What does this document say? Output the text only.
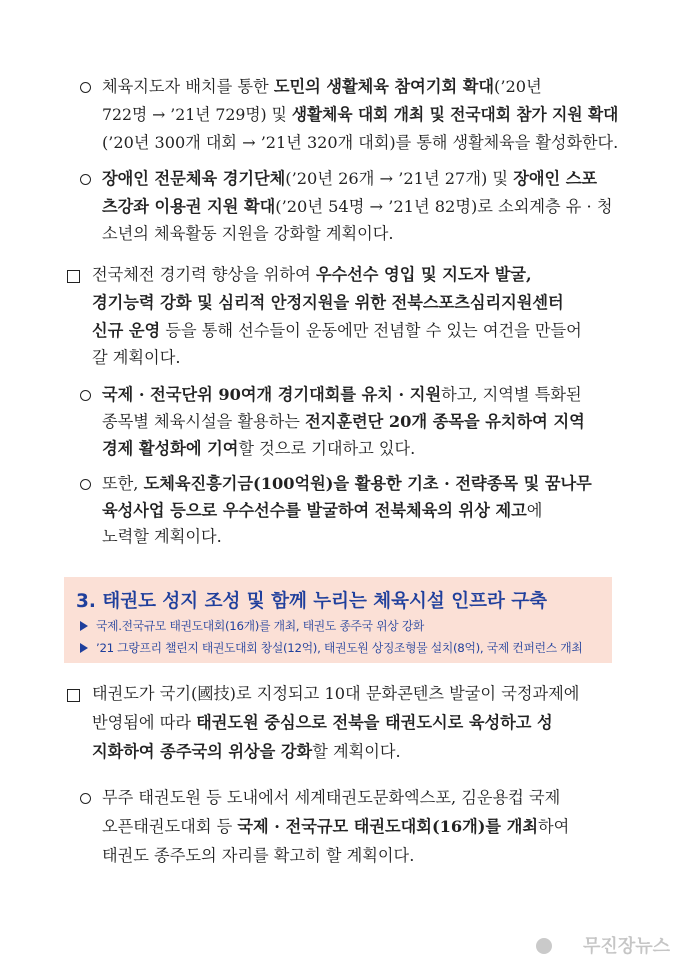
체육지도자 배치를 통한 도민의 생활체육 참여기회 확대(’20년
722명 → ’21년 729명) 및 생활체육 대회 개최 및 전국대회 참가 지원 확대
(’20년 300개 대회 → ’21년 320개 대회)를 통해 생활체육을 활성화한다.
장애인 전문체육 경기단체(’20년 26개 → ’21년 27개) 및 장애인 스포
츠강좌 이용권 지원 확대(’20년 54명 → ’21년 82명)로 소외계층 유 · 청
소년의 체육활동 지원을 강화할 계획이다.
전국체전 경기력 향상을 위하여 우수선수 영입 및 지도자 발굴,
경기능력 강화 및 심리적 안정지원을 위한 전북스포츠심리지원센터
신규 운영 등을 통해 선수들이 운동에만 전념할 수 있는 여건을 만들어
갈 계획이다.
국제 · 전국단위 90여개 경기대회를 유치 · 지원하고, 지역별 특화된
종목별 체육시설을 활용하는 전지훈련단 20개 종목을 유치하여 지역
경제 활성화에 기여할 것으로 기대하고 있다.
또한, 도체육진흥기금(100억원)을 활용한 기초 · 전략종목 및 꿈나무
육성사업 등으로 우수선수를 발굴하여 전북체육의 위상 제고에
노력할 계획이다.
3. 태권도 성지 조성 및 함께 누리는 체육시설 인프라 구축
국제.전국규모 태권도대회(16개)를 개최, 태권도 종주국 위상 강화
’21 그랑프리 챌린지 태권도대회 창설(12억), 태권도원 상징조형물 설치(8억), 국제 컨퍼런스 개최
태권도가 국기(國技)로 지정되고 10대 문화콘텐츠 발굴이 국정과제에
반영됨에 따라 태권도원 중심으로 전북을 태권도시로 육성하고 성
지화하여 종주국의 위상을 강화할 계획이다.
무주 태권도원 등 도내에서 세계태권도문화엑스포, 김운용컵 국제
오픈태권도대회 등 국제 · 전국규모 태권도대회(16개)를 개최하여
태권도 종주도의 자리를 확고히 할 계획이다.
무진장뉴스
